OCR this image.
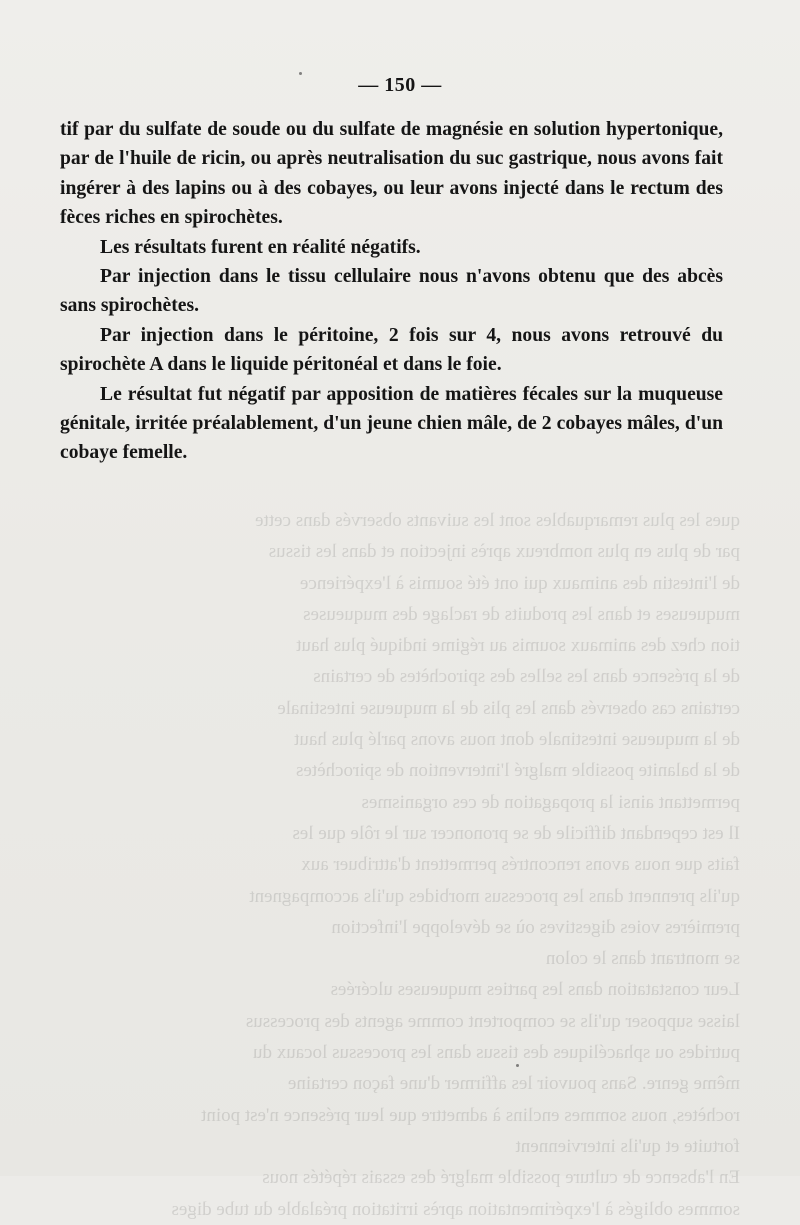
ques les plus remarquables sont les suivants observés dans cette
par de plus en plus nombreux après injection et dans les tissus
de l'intestin des animaux qui ont été soumis à l'expérience
muqueuses et dans les produits de raclage des muqueuses
tion chez des animaux soumis au régime indiqué plus haut
de la présence dans les selles des spirochètes de certains
certains cas observés dans les plis de la muqueuse intestinale
de la muqueuse intestinale dont nous avons parlé plus haut
de la balanite possible malgré l'intervention de spirochètes
permettant ainsi la propagation de ces organismes
Il est cependant difficile de se prononcer sur le rôle que les
faits que nous avons rencontrés permettent d'attribuer aux
qu'ils prennent dans les processus morbides qu'ils accompagnent
premières voies digestives où se développe l'infection
se montrant dans le colon
Leur constatation dans les parties muqueuses ulcérées
laisse supposer qu'ils se comportent comme agents des processus
putrides ou sphacéliques des tissus dans les processus locaux du
même genre. Sans pouvoir les affirmer d'une façon certaine
rochètes, nous sommes enclins à admettre que leur présence n'est point
fortuite et qu'ils interviennent
En l'absence de culture possible malgré des essais répétés nous
sommes obligés à l'expérimentation après irritation préalable du tube diges
— 150 —

tif par du sulfate de soude ou du sulfate de magnésie en solution hypertonique, par de l'huile de ricin, ou après neutralisation du suc gastrique, nous avons fait ingérer à des lapins ou à des cobayes, ou leur avons injecté dans le rectum des fèces riches en spirochètes.

Les résultats furent en réalité négatifs.

Par injection dans le tissu cellulaire nous n'avons obtenu que des abcès sans spirochètes.

Par injection dans le péritoine, 2 fois sur 4, nous avons retrouvé du spirochète A dans le liquide péritonéal et dans le foie.

Le résultat fut négatif par apposition de matières fécales sur la muqueuse génitale, irritée préalablement, d'un jeune chien mâle, de 2 cobayes mâles, d'un cobaye femelle.
